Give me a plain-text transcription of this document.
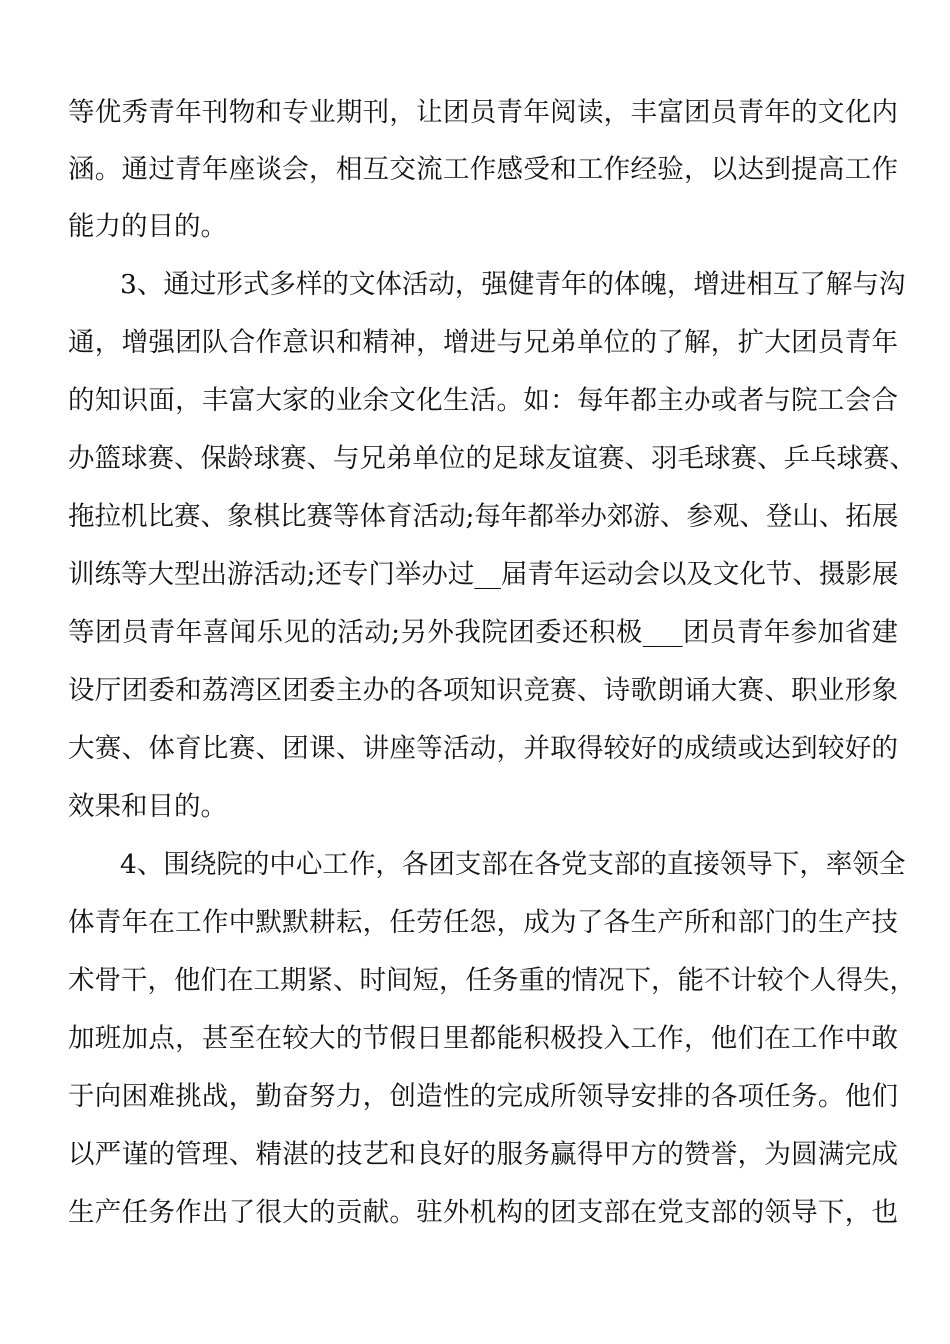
等优秀青年刊物和专业期刊，让团员青年阅读，丰富团员青年的文化内
涵。通过青年座谈会，相互交流工作感受和工作经验，以达到提高工作
能力的目的。
3、通过形式多样的文体活动，强健青年的体魄，增进相互了解与沟
通，增强团队合作意识和精神，增进与兄弟单位的了解，扩大团员青年
的知识面，丰富大家的业余文化生活。如：每年都主办或者与院工会合
办篮球赛、保龄球赛、与兄弟单位的足球友谊赛、羽毛球赛、乒乓球赛、
拖拉机比赛、象棋比赛等体育活动;每年都举办郊游、参观、登山、拓展
训练等大型出游活动;还专门举办过__届青年运动会以及文化节、摄影展
等团员青年喜闻乐见的活动;另外我院团委还积极___团员青年参加省建
设厅团委和荔湾区团委主办的各项知识竞赛、诗歌朗诵大赛、职业形象
大赛、体育比赛、团课、讲座等活动，并取得较好的成绩或达到较好的
效果和目的。
4、围绕院的中心工作，各团支部在各党支部的直接领导下，率领全
体青年在工作中默默耕耘，任劳任怨，成为了各生产所和部门的生产技
术骨干，他们在工期紧、时间短，任务重的情况下，能不计较个人得失，
加班加点，甚至在较大的节假日里都能积极投入工作，他们在工作中敢
于向困难挑战，勤奋努力，创造性的完成所领导安排的各项任务。他们
以严谨的管理、精湛的技艺和良好的服务赢得甲方的赞誉，为圆满完成
生产任务作出了很大的贡献。驻外机构的团支部在党支部的领导下，也
